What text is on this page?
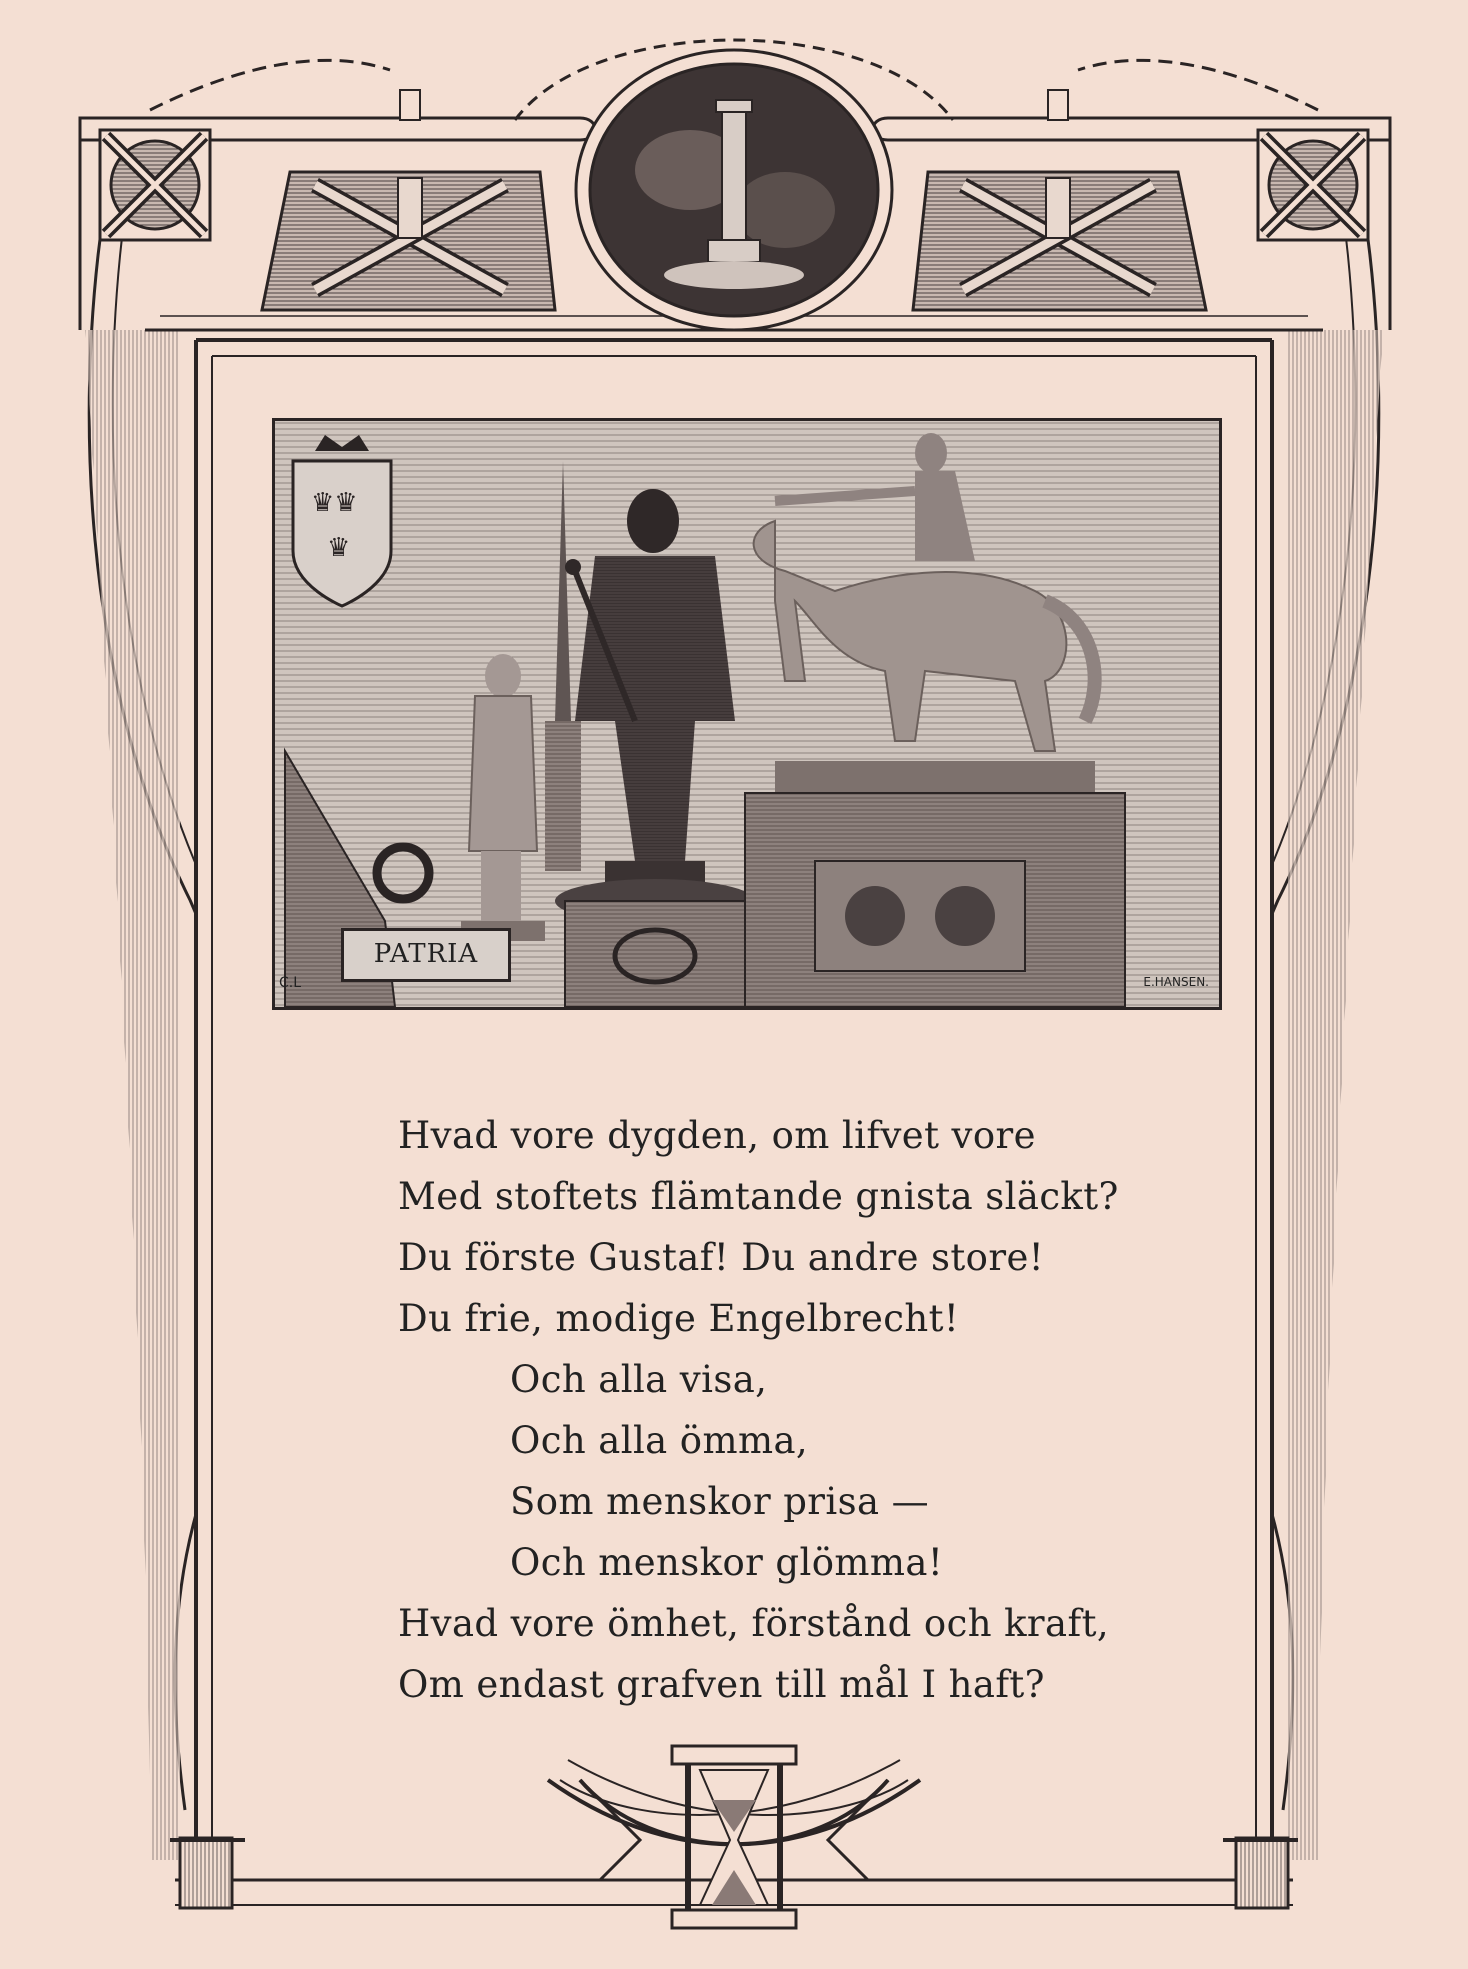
♛♛
♛
PATRIA
C.L	E.HANSEN.
Hvad vore dygden, om lifvet vore
Med stoftets flämtande gnista släckt?
Du förste Gustaf! Du andre store!
Du frie, modige Engelbrecht!
Och alla visa,
Och alla ömma,
Som menskor prisa —
Och menskor glömma!
Hvad vore ömhet, förstånd och kraft,
Om endast grafven till mål I haft?
